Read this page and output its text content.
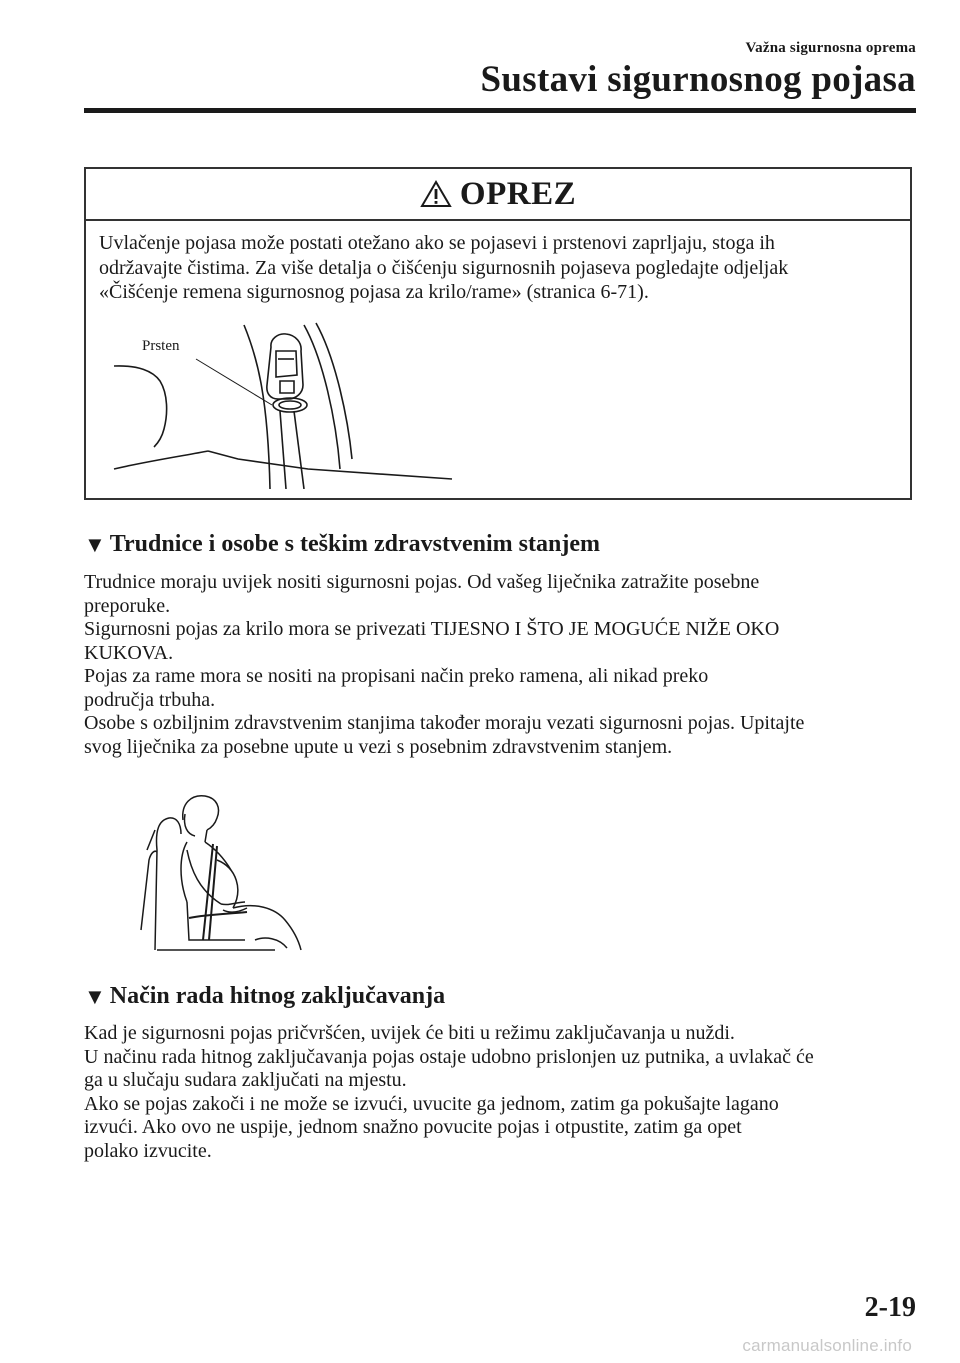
Važna sigurnosna oprema
Sustavi sigurnosnog pojasa
OPREZ
Uvlačenje pojasa može postati otežano ako se pojasevi i prstenovi zaprljaju, stoga ih
održavajte čistima. Za više detalja o čišćenju sigurnosnih pojaseva pogledajte odjeljak
«Čišćenje remena sigurnosnog pojasa za krilo/rame» (stranica 6-71).
Prsten
▼ Trudnice i osobe s teškim zdravstvenim stanjem
Trudnice moraju uvijek nositi sigurnosni pojas. Od vašeg liječnika zatražite posebne
preporuke.
Sigurnosni pojas za krilo mora se privezati TIJESNO I ŠTO JE MOGUĆE NIŽE OKO
KUKOVA.
Pojas za rame mora se nositi na propisani način preko ramena, ali nikad preko
područja trbuha.
Osobe s ozbiljnim zdravstvenim stanjima također moraju vezati sigurnosni pojas. Upitajte
svog liječnika za posebne upute u vezi s posebnim zdravstvenim stanjem.
▼ Način rada hitnog zaključavanja
Kad je sigurnosni pojas pričvršćen, uvijek će biti u režimu zaključavanja u nuždi.
U načinu rada hitnog zaključavanja pojas ostaje udobno prislonjen uz putnika, a uvlakač će
ga u slučaju sudara zaključati na mjestu.
Ako se pojas zakoči i ne može se izvući, uvucite ga jednom, zatim ga pokušajte lagano
izvući. Ako ovo ne uspije, jednom snažno povucite pojas i otpustite, zatim ga opet
polako izvucite.
2-19
carmanualsonline.info
